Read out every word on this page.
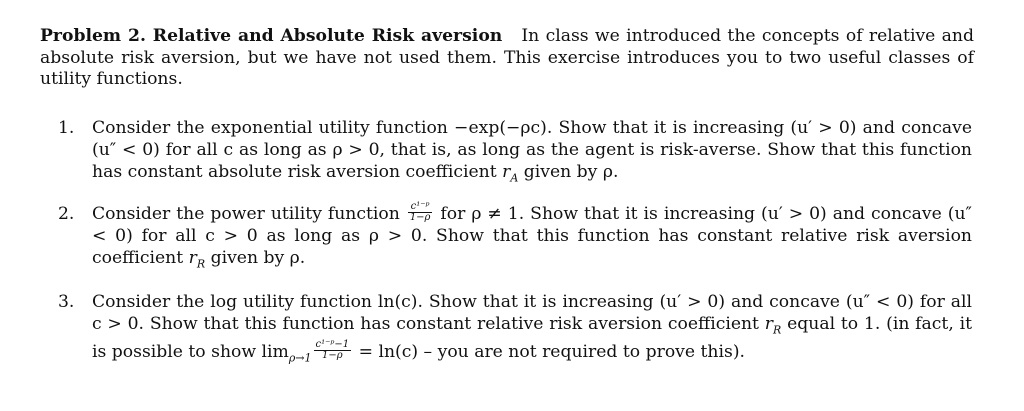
Problem 2. Relative and Absolute Risk aversion In class we introduced the concepts of relative and absolute risk aversion, but we have not used them. This exercise introduces you to two useful classes of utility functions.
1. Consider the exponential utility function −exp(−ρc). Show that it is increasing (u′ > 0) and concave (u″ < 0) for all c as long as ρ > 0, that is, as long as the agent is risk-averse. Show that this function has constant absolute risk aversion coefficient $r_A$ given by ρ.
2. Consider the power utility function $\frac{\text{c¹⁻ᵖ}}{1-\rho}$ for ρ ≠ 1. Show that it is increasing (u′ > 0) and concave (u″ < 0) for all c > 0 as long as ρ > 0. Show that this function has constant relative risk aversion coefficient $r_R$ given by ρ.
3. Consider the log utility function ln(c). Show that it is increasing (u′ > 0) and concave (u″ < 0) for all c > 0. Show that this function has constant relative risk aversion coefficient $r_R$ equal to 1. (in fact, it is possible to show $\lim_{\rho\to 1} \frac{\text{c¹⁻ᵖ−1}}{1-\rho} = \ln(c)$ – you are not required to prove this).
